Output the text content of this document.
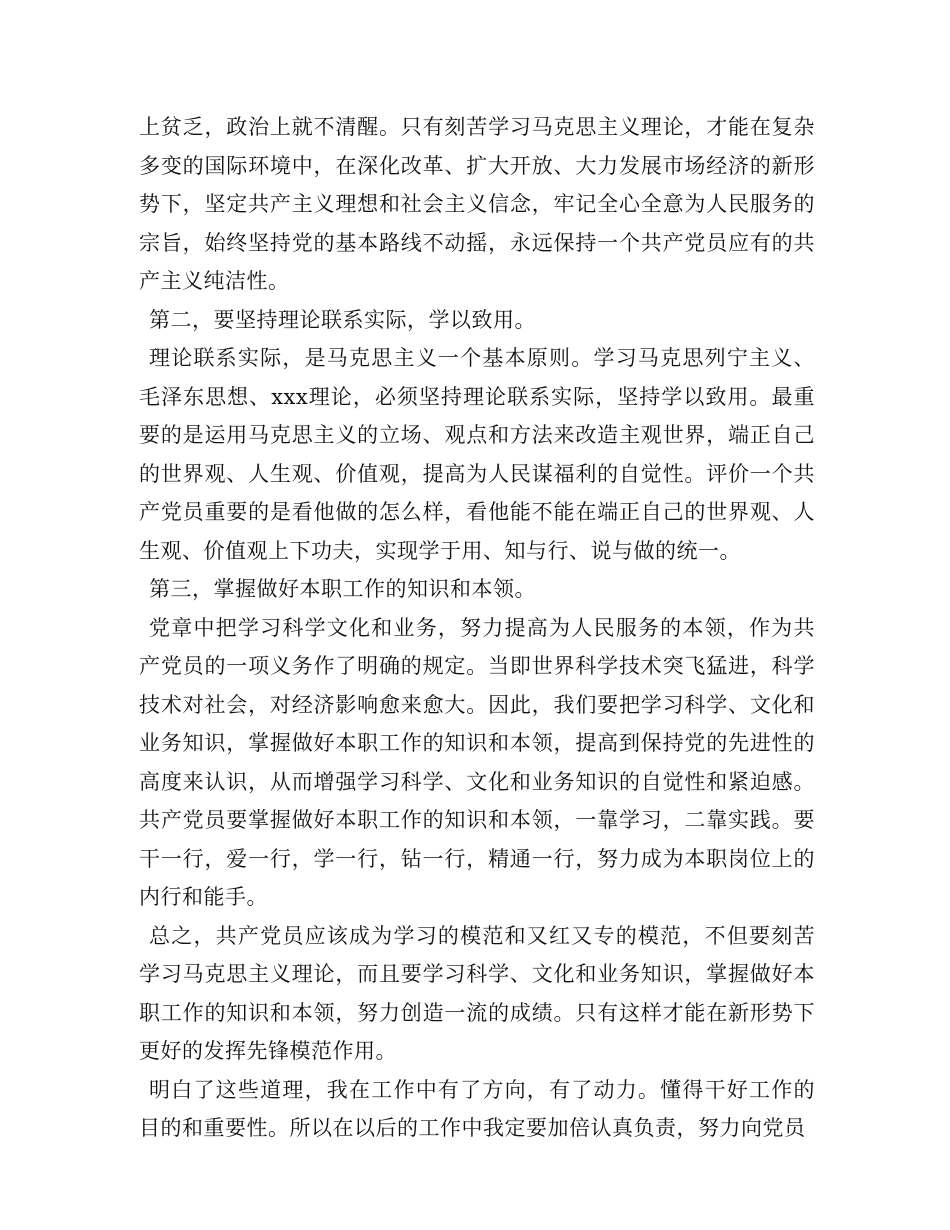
上贫乏，政治上就不清醒。只有刻苦学习马克思主义理论，才能在复杂多变的国际环境中，在深化改革、扩大开放、大力发展市场经济的新形势下，坚定共产主义理想和社会主义信念，牢记全心全意为人民服务的宗旨，始终坚持党的基本路线不动摇，永远保持一个共产党员应有的共产主义纯洁性。

第二，要坚持理论联系实际，学以致用。

理论联系实际，是马克思主义一个基本原则。学习马克思列宁主义、毛泽东思想、xxx理论，必须坚持理论联系实际，坚持学以致用。最重要的是运用马克思主义的立场、观点和方法来改造主观世界，端正自己的世界观、人生观、价值观，提高为人民谋福利的自觉性。评价一个共产党员重要的是看他做的怎么样，看他能不能在端正自己的世界观、人生观、价值观上下功夫，实现学于用、知与行、说与做的统一。

第三，掌握做好本职工作的知识和本领。

党章中把学习科学文化和业务，努力提高为人民服务的本领，作为共产党员的一项义务作了明确的规定。当即世界科学技术突飞猛进，科学技术对社会，对经济影响愈来愈大。因此，我们要把学习科学、文化和业务知识，掌握做好本职工作的知识和本领，提高到保持党的先进性的高度来认识，从而增强学习科学、文化和业务知识的自觉性和紧迫感。共产党员要掌握做好本职工作的知识和本领，一靠学习，二靠实践。要干一行，爱一行，学一行，钻一行，精通一行，努力成为本职岗位上的内行和能手。

总之，共产党员应该成为学习的模范和又红又专的模范，不但要刻苦学习马克思主义理论，而且要学习科学、文化和业务知识，掌握做好本职工作的知识和本领，努力创造一流的成绩。只有这样才能在新形势下更好的发挥先锋模范作用。

明白了这些道理，我在工作中有了方向，有了动力。懂得干好工作的目的和重要性。所以在以后的工作中我定要加倍认真负责，努力向党员
